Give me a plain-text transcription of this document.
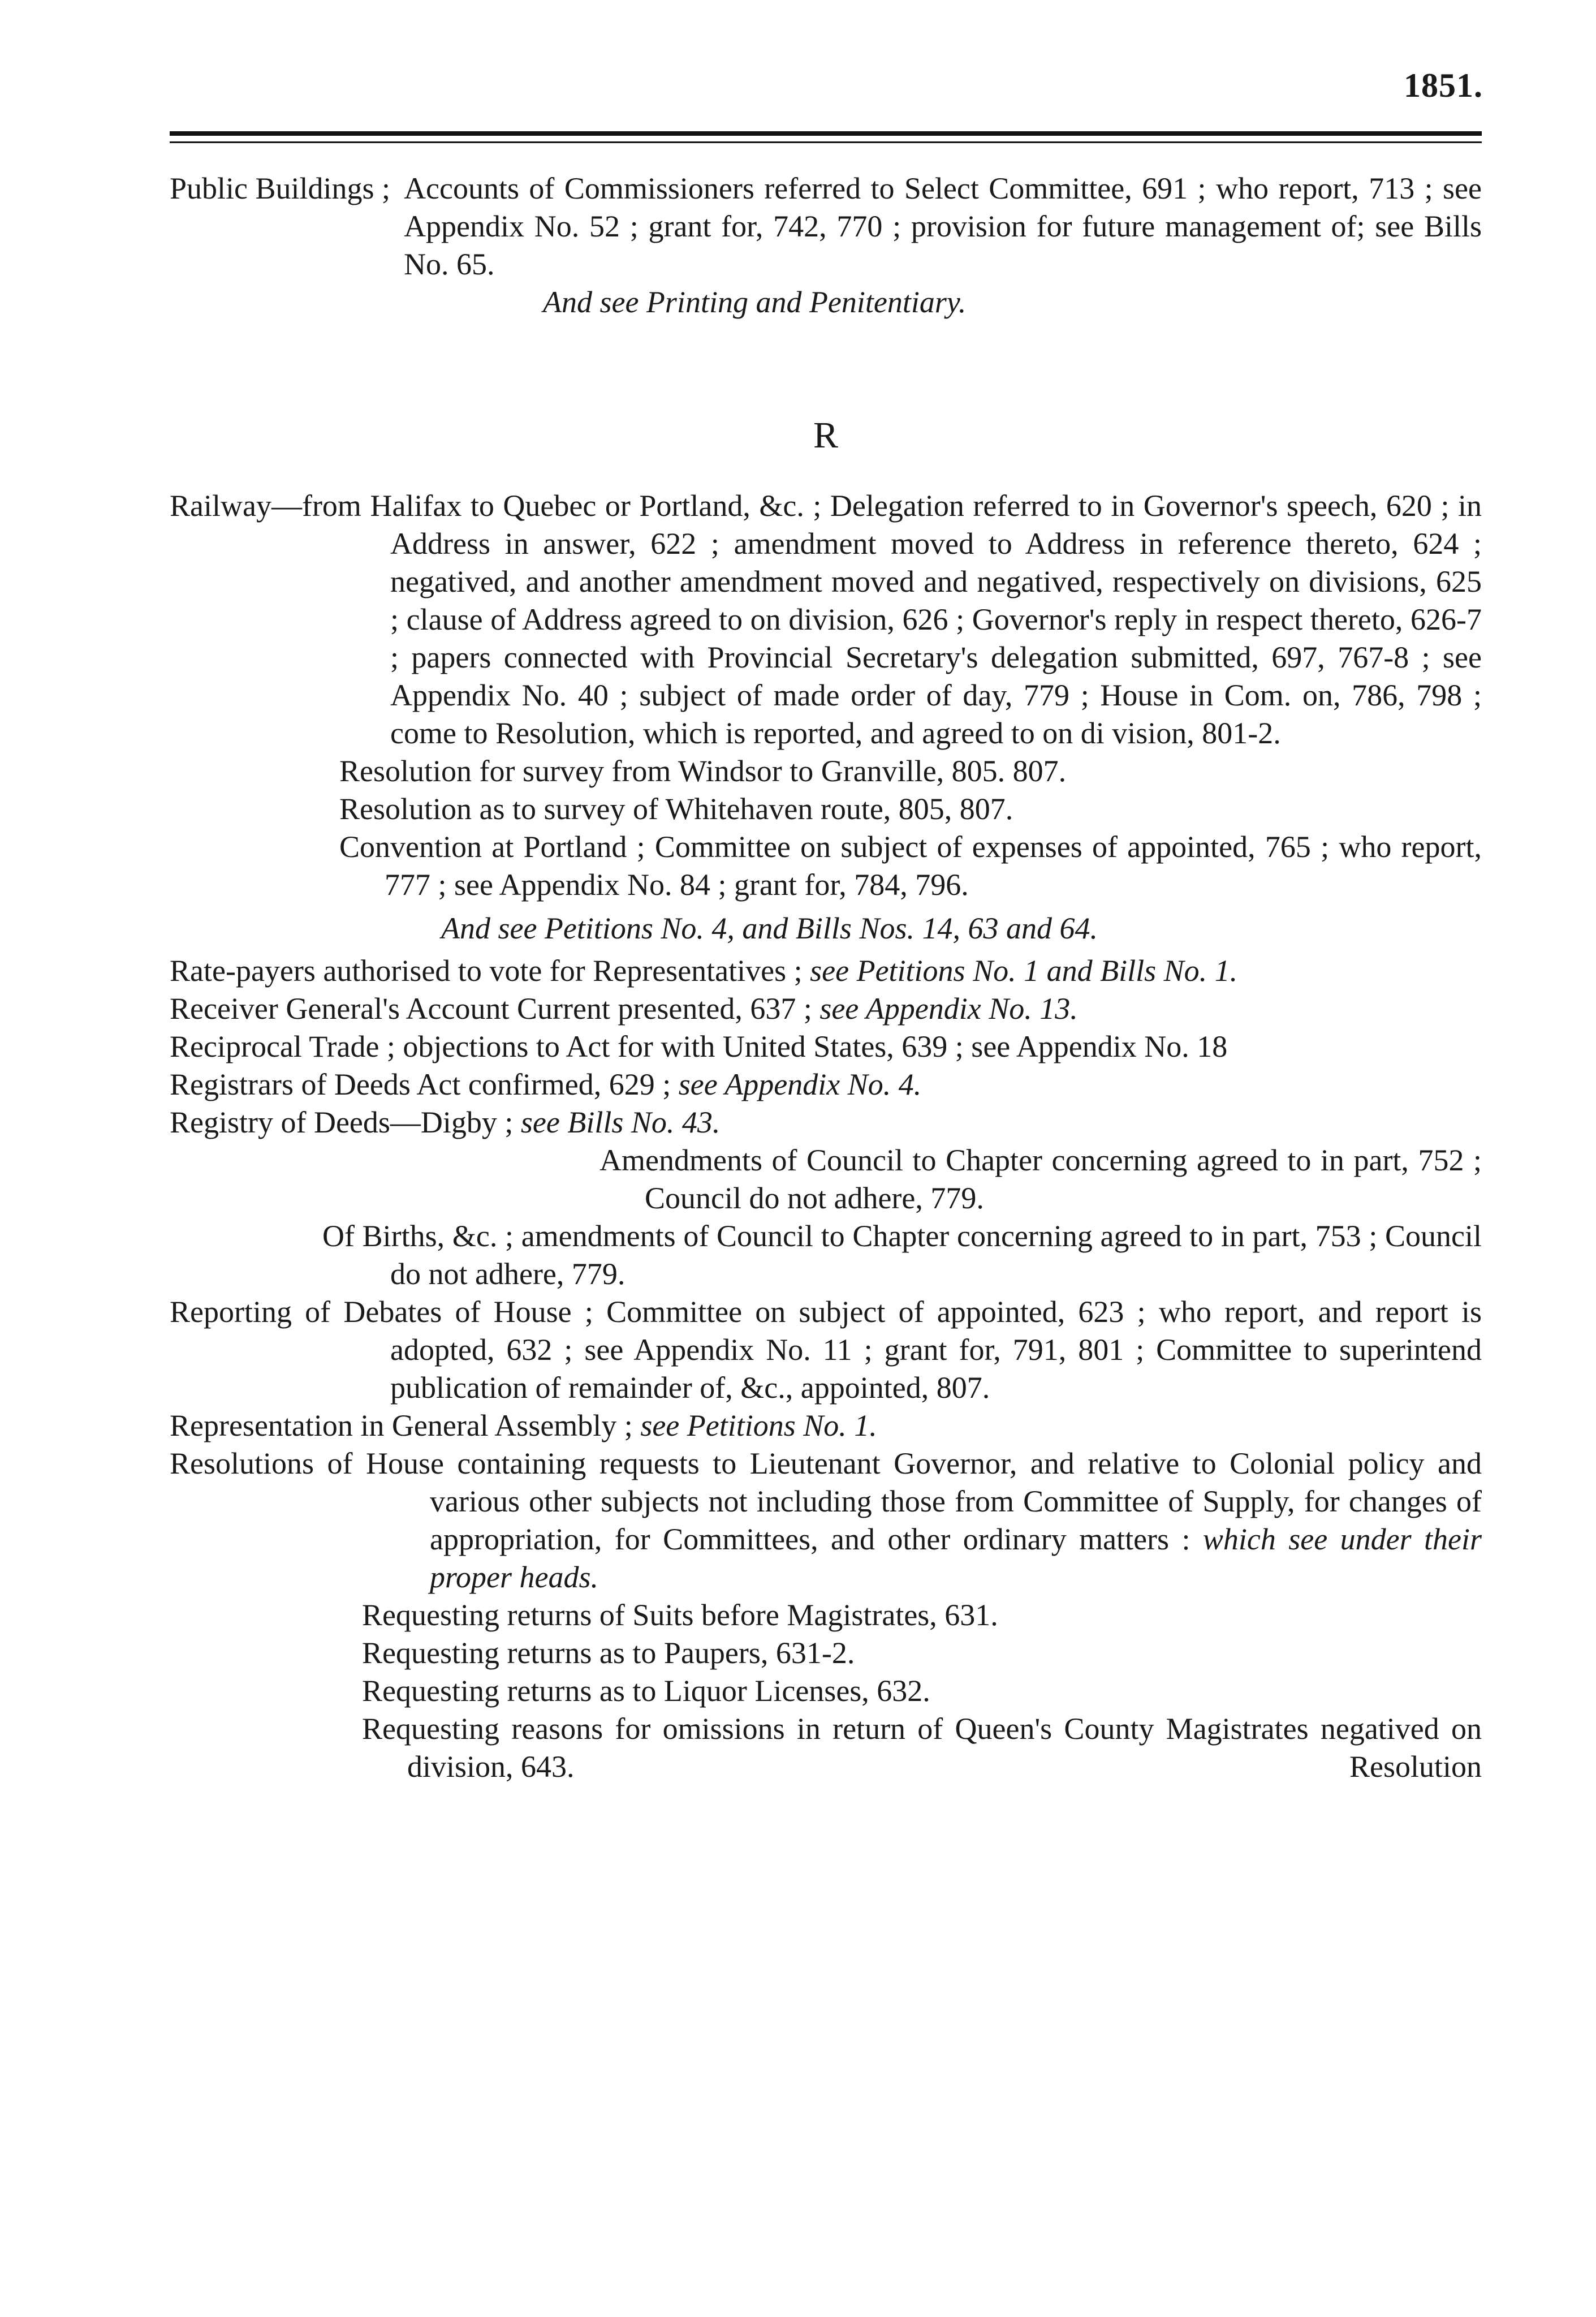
1851.
Public Buildings ; Accounts of Commissioners referred to Select Committee, 691 ; who report, 713 ; see Appendix No. 52 ; grant for, 742, 770 ; provision for future management of; see Bills No. 65.
And see Printing and Penitentiary.
R
Railway—from Halifax to Quebec or Portland, &c. ; Delegation referred to in Governor's speech, 620 ; in Address in answer, 622 ; amendment moved to Address in reference thereto, 624 ; negatived, and another amendment moved and negatived, respectively on divisions, 625 ; clause of Address agreed to on division, 626 ; Governor's reply in respect thereto, 626-7 ; papers connected with Provincial Secretary's delegation submitted, 697, 767-8 ; see Appendix No. 40 ; subject of made order of day, 779 ; House in Com. on, 786, 798 ; come to Resolution, which is reported, and agreed to on di vision, 801-2.
Resolution for survey from Windsor to Granville, 805. 807.
Resolution as to survey of Whitehaven route, 805, 807.
Convention at Portland ; Committee on subject of expenses of appointed, 765 ; who report, 777 ; see Appendix No. 84 ; grant for, 784, 796.
And see Petitions No. 4, and Bills Nos. 14, 63 and 64.
Rate-payers authorised to vote for Representatives ; see Petitions No. 1 and Bills No. 1.
Receiver General's Account Current presented, 637 ; see Appendix No. 13.
Reciprocal Trade ; objections to Act for with United States, 639 ; see Appendix No. 18
Registrars of Deeds Act confirmed, 629 ; see Appendix No. 4.
Registry of Deeds—Digby ; see Bills No. 43.
Amendments of Council to Chapter concerning agreed to in part, 752 ; Council do not adhere, 779.
Of Births, &c. ; amendments of Council to Chapter concerning agreed to in part, 753 ; Council do not adhere, 779.
Reporting of Debates of House ; Committee on subject of appointed, 623 ; who report, and report is adopted, 632 ; see Appendix No. 11 ; grant for, 791, 801 ; Committee to superintend publication of remainder of, &c., appointed, 807.
Representation in General Assembly ; see Petitions No. 1.
Resolutions of House containing requests to Lieutenant Governor, and relative to Colonial policy and various other subjects not including those from Committee of Supply, for changes of appropriation, for Committees, and other ordinary matters : which see under their proper heads.
Requesting returns of Suits before Magistrates, 631.
Requesting returns as to Paupers, 631-2.
Requesting returns as to Liquor Licenses, 632.
Requesting reasons for omissions in return of Queen's County Magistrates negatived on division, 643.	Resolution
